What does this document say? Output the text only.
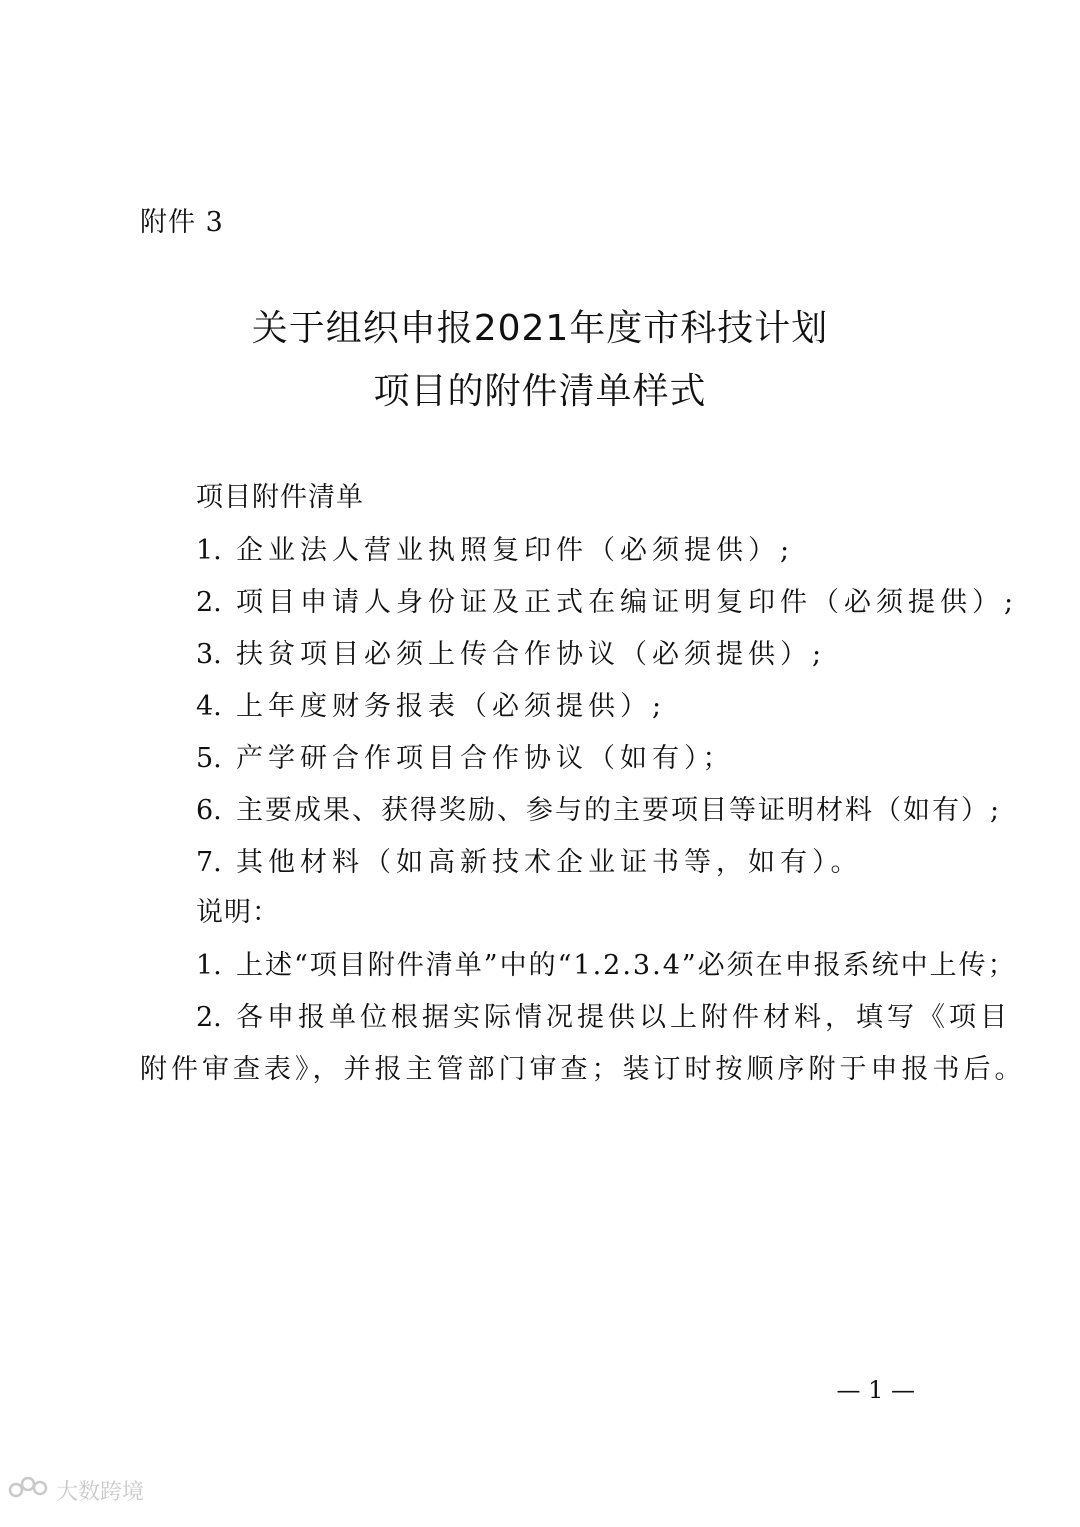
附件 3
关于组织申报2021年度市科技计划
项目的附件清单样式
项目附件清单
1. 企业法人营业执照复印件（必须提供）;
2. 项目申请人身份证及正式在编证明复印件（必须提供）;
3. 扶贫项目必须上传合作协议（必须提供）;
4. 上年度财务报表（必须提供）;
5. 产学研合作项目合作协议（如有）；
6. 主要成果、获得奖励、参与的主要项目等证明材料（如有）;
7. 其他材料（如高新技术企业证书等，如有）。
说明：
1. 上述“项目附件清单”中的“1.2.3.4”必须在申报系统中上传；
2. 各申报单位根据实际情况提供以上附件材料，填写《项目
附件审查表》，并报主管部门审查；装订时按顺序附于申报书后。
— 1 —
大数跨境
